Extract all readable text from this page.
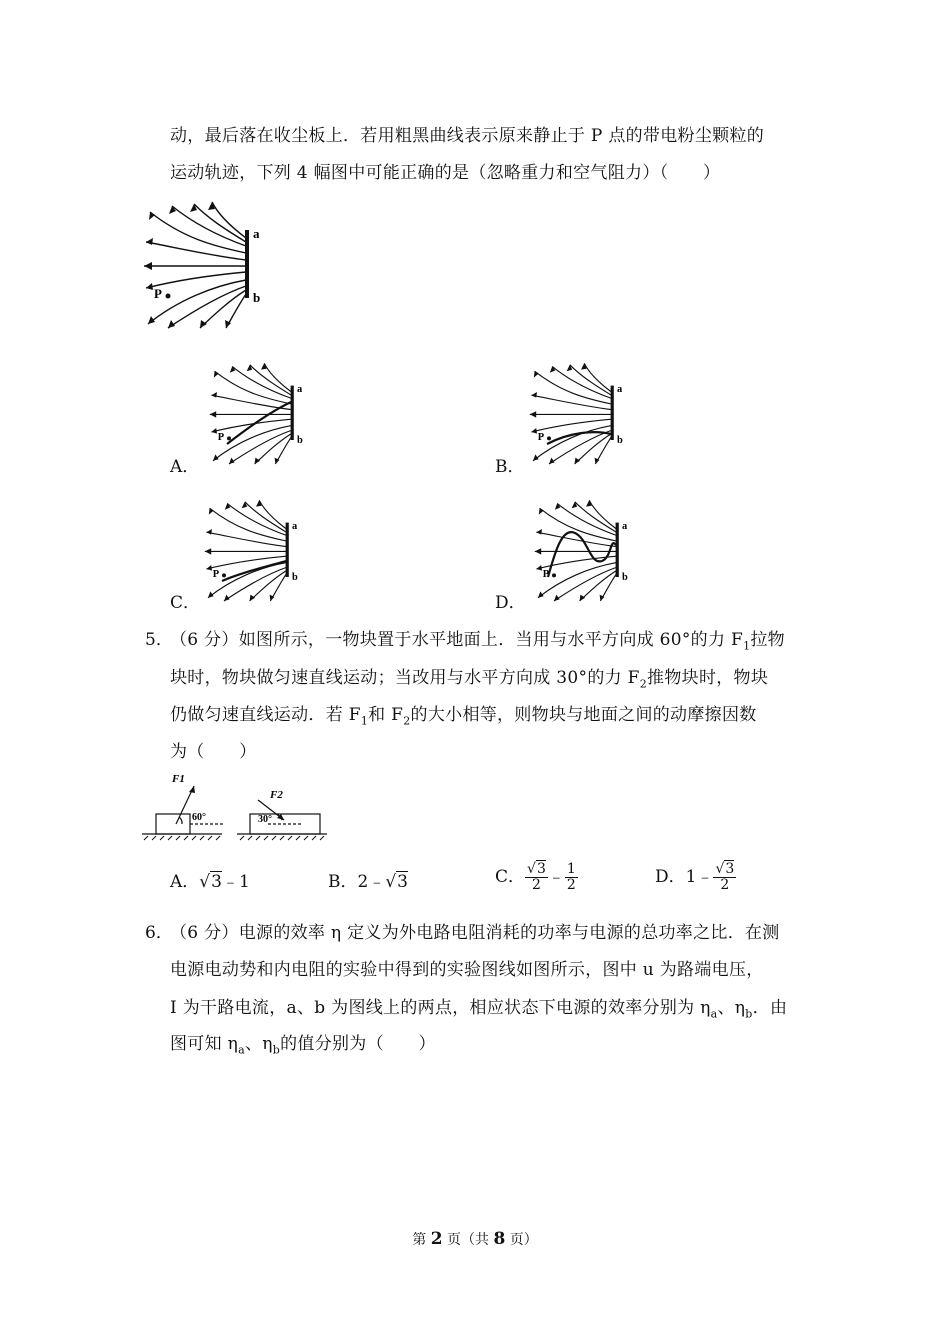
动，最后落在收尘板上．若用粗黑曲线表示原来静止于 P 点的带电粉尘颗粒的
运动轨迹，下列 4 幅图中可能正确的是（忽略重力和空气阻力）（　　）
a
b
P
A．	B．
C．	D．
a
b
P
a
b
P
a
b
P
a
b
P
5．
（6 分）如图所示，一物块置于水平地面上．当用与水平方向成 60°的力 $F_1$拉物
块时，物块做匀速直线运动；当改用与水平方向成 30°的力 $F_2$推物块时，物块
仍做匀速直线运动．若 $F_1$和 $F_2$的大小相等，则物块与地面之间的动摩擦因数
为（　　）
F1
F2
60°	30°
A．√3﹣1	B．2﹣√3	C． $\frac{√3}{2}$ ﹣ $\frac{1}{2}$	D．1﹣ $\frac{√3}{2}$
6．
（6 分）电源的效率 η 定义为外电路电阻消耗的功率与电源的总功率之比．在测
电源电动势和内电阻的实验中得到的实验图线如图所示，图中 u 为路端电压，
I 为干路电流，a、b 为图线上的两点，相应状态下电源的效率分别为 $\eta_a$、$\eta_b$．由
图可知 $\eta_a$、$\eta_b$的值分别为（　　）
第 2 页（共 8 页）
